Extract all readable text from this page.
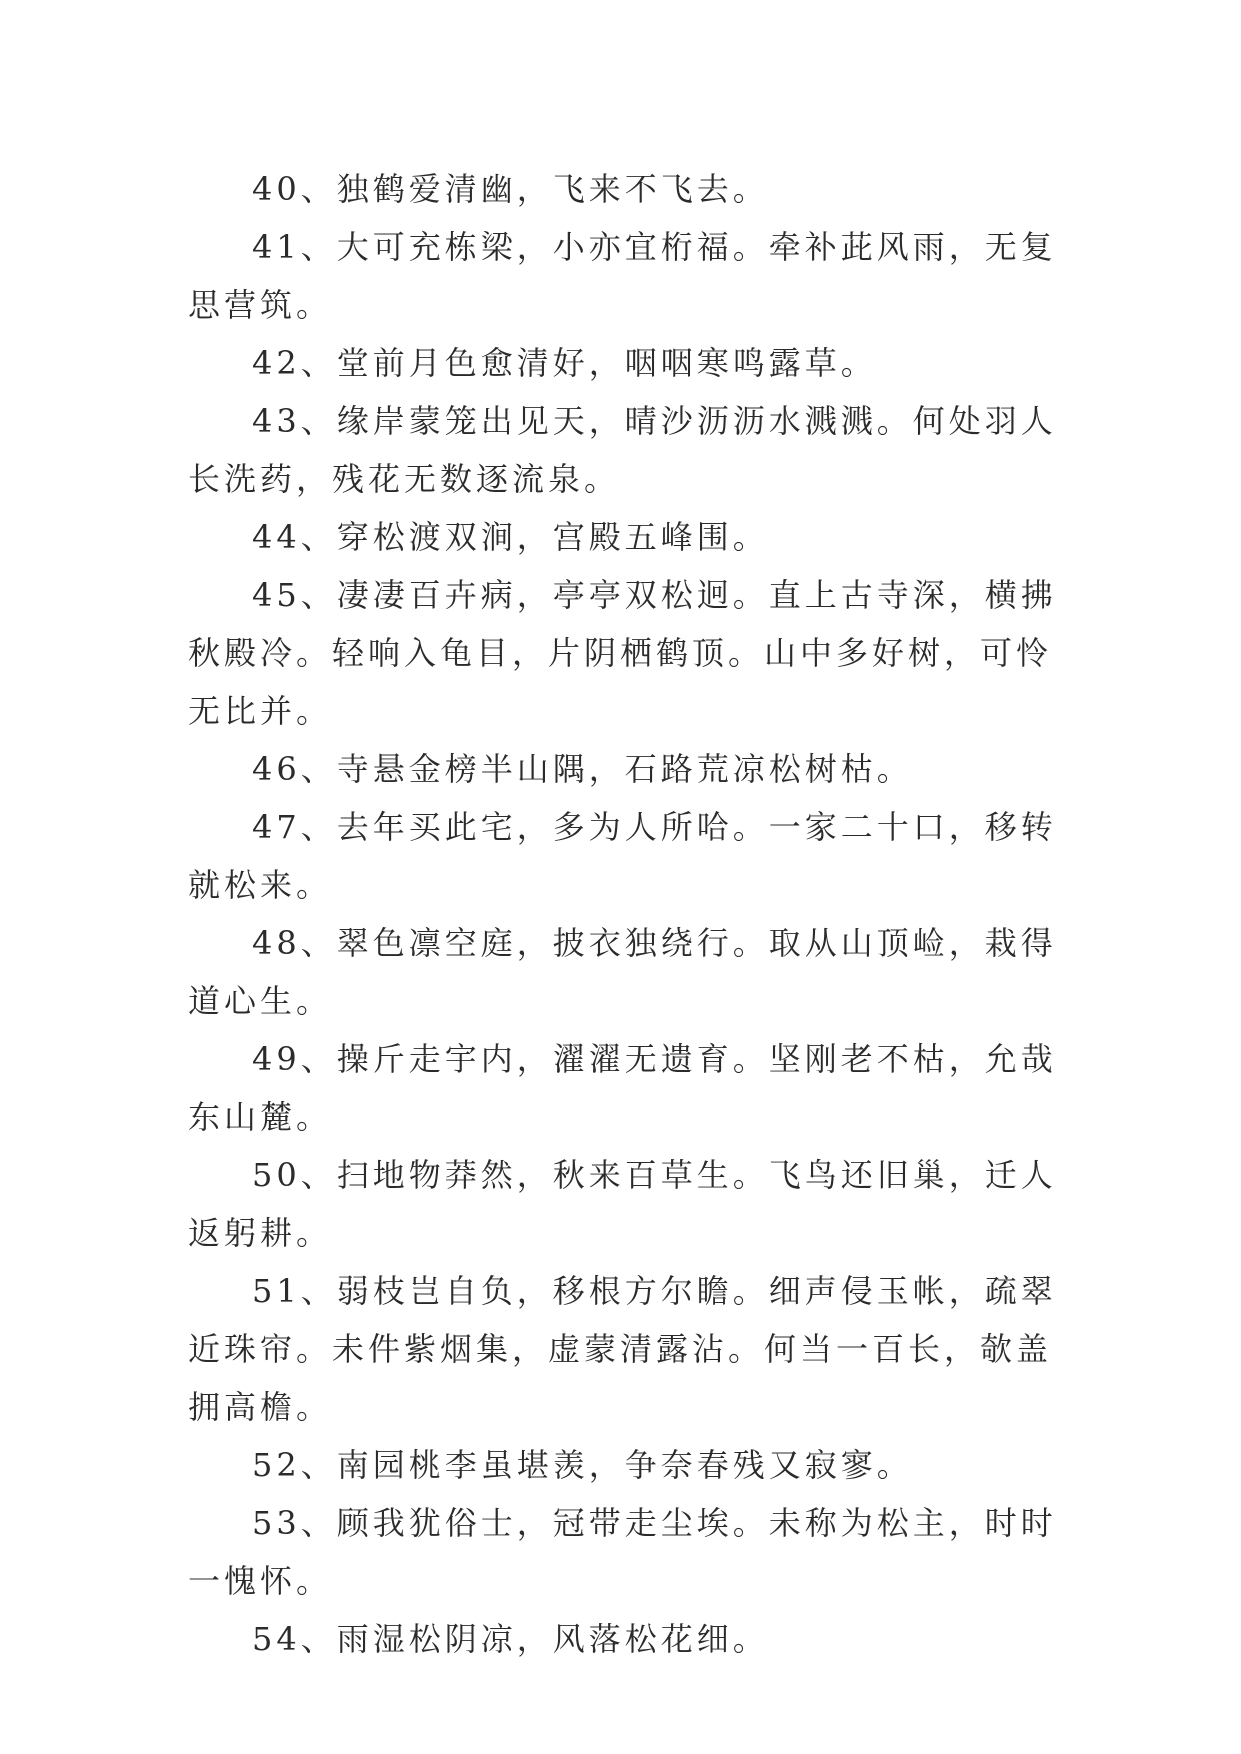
40、独鹤爱清幽，飞来不飞去。

41、大可充栋梁，小亦宜桁福。牵补茈风雨，无复思营筑。

42、堂前月色愈清好，咽咽寒鸣露草。

43、缘岸蒙笼出见天，晴沙沥沥水溅溅。何处羽人长洗药，残花无数逐流泉。

44、穿松渡双涧，宫殿五峰围。

45、凄凄百卉病，亭亭双松迥。直上古寺深，横拂秋殿冷。轻响入龟目，片阴栖鹤顶。山中多好树，可怜无比并。

46、寺悬金榜半山隅，石路荒凉松树枯。

47、去年买此宅，多为人所哈。一家二十口，移转就松来。

48、翠色凛空庭，披衣独绕行。取从山顶崄，栽得道心生。

49、操斤走宇内，濯濯无遗育。坚刚老不枯，允哉东山麓。

50、扫地物莽然，秋来百草生。飞鸟还旧巢，迁人返躬耕。

51、弱枝岂自负，移根方尔瞻。细声侵玉帐，疏翠近珠帘。未件紫烟集，虚蒙清露沾。何当一百长，欹盖拥高檐。

52、南园桃李虽堪羡，争奈春残又寂寥。

53、顾我犹俗士，冠带走尘埃。未称为松主，时时一愧怀。

54、雨湿松阴凉，风落松花细。
